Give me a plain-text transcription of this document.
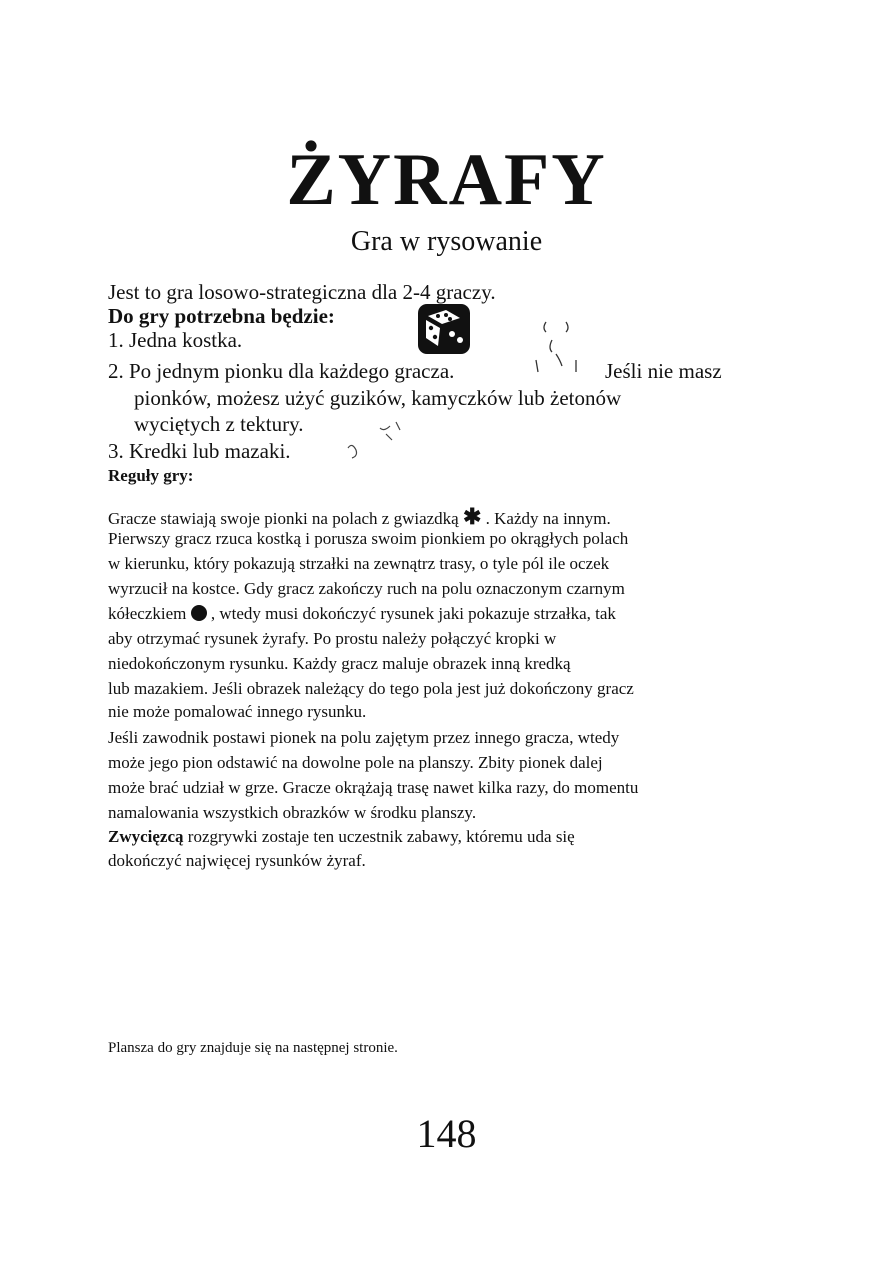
ŻYRAFY
Gra w rysowanie
Jest to gra losowo-strategiczna dla 2-4 graczy.
Do gry potrzebna będzie:
1. Jedna kostka.
2. Po jednym pionku dla każdego gracza.	Jeśli nie masz
pionków, możesz użyć guzików, kamyczków lub żetonów
wyciętych z tektury.
3. Kredki lub mazaki.
Reguły gry:
Gracze stawiają swoje pionki na polach z gwiazdką ✱ . Każdy na innym.
Pierwszy gracz rzuca kostką i porusza swoim pionkiem po okrągłych polach
w kierunku, który pokazują strzałki na zewnątrz trasy, o tyle pól ile oczek
wyrzucił na kostce. Gdy gracz zakończy ruch na polu oznaczonym czarnym
kółeczkiem , wtedy musi dokończyć rysunek jaki pokazuje strzałka, tak
aby otrzymać rysunek żyrafy. Po prostu należy połączyć kropki w
niedokończonym rysunku. Każdy gracz maluje obrazek inną kredką
lub mazakiem. Jeśli obrazek należący do tego pola jest już dokończony gracz
nie może pomalować innego rysunku.
Jeśli zawodnik postawi pionek na polu zajętym przez innego gracza, wtedy
może jego pion odstawić na dowolne pole na planszy. Zbity pionek dalej
może brać udział w grze. Gracze okrążają trasę nawet kilka razy, do momentu
namalowania wszystkich obrazków w środku planszy.
Zwycięzcą rozgrywki zostaje ten uczestnik zabawy, któremu uda się
dokończyć najwięcej rysunków żyraf.
Plansza do gry znajduje się na następnej stronie.
148
